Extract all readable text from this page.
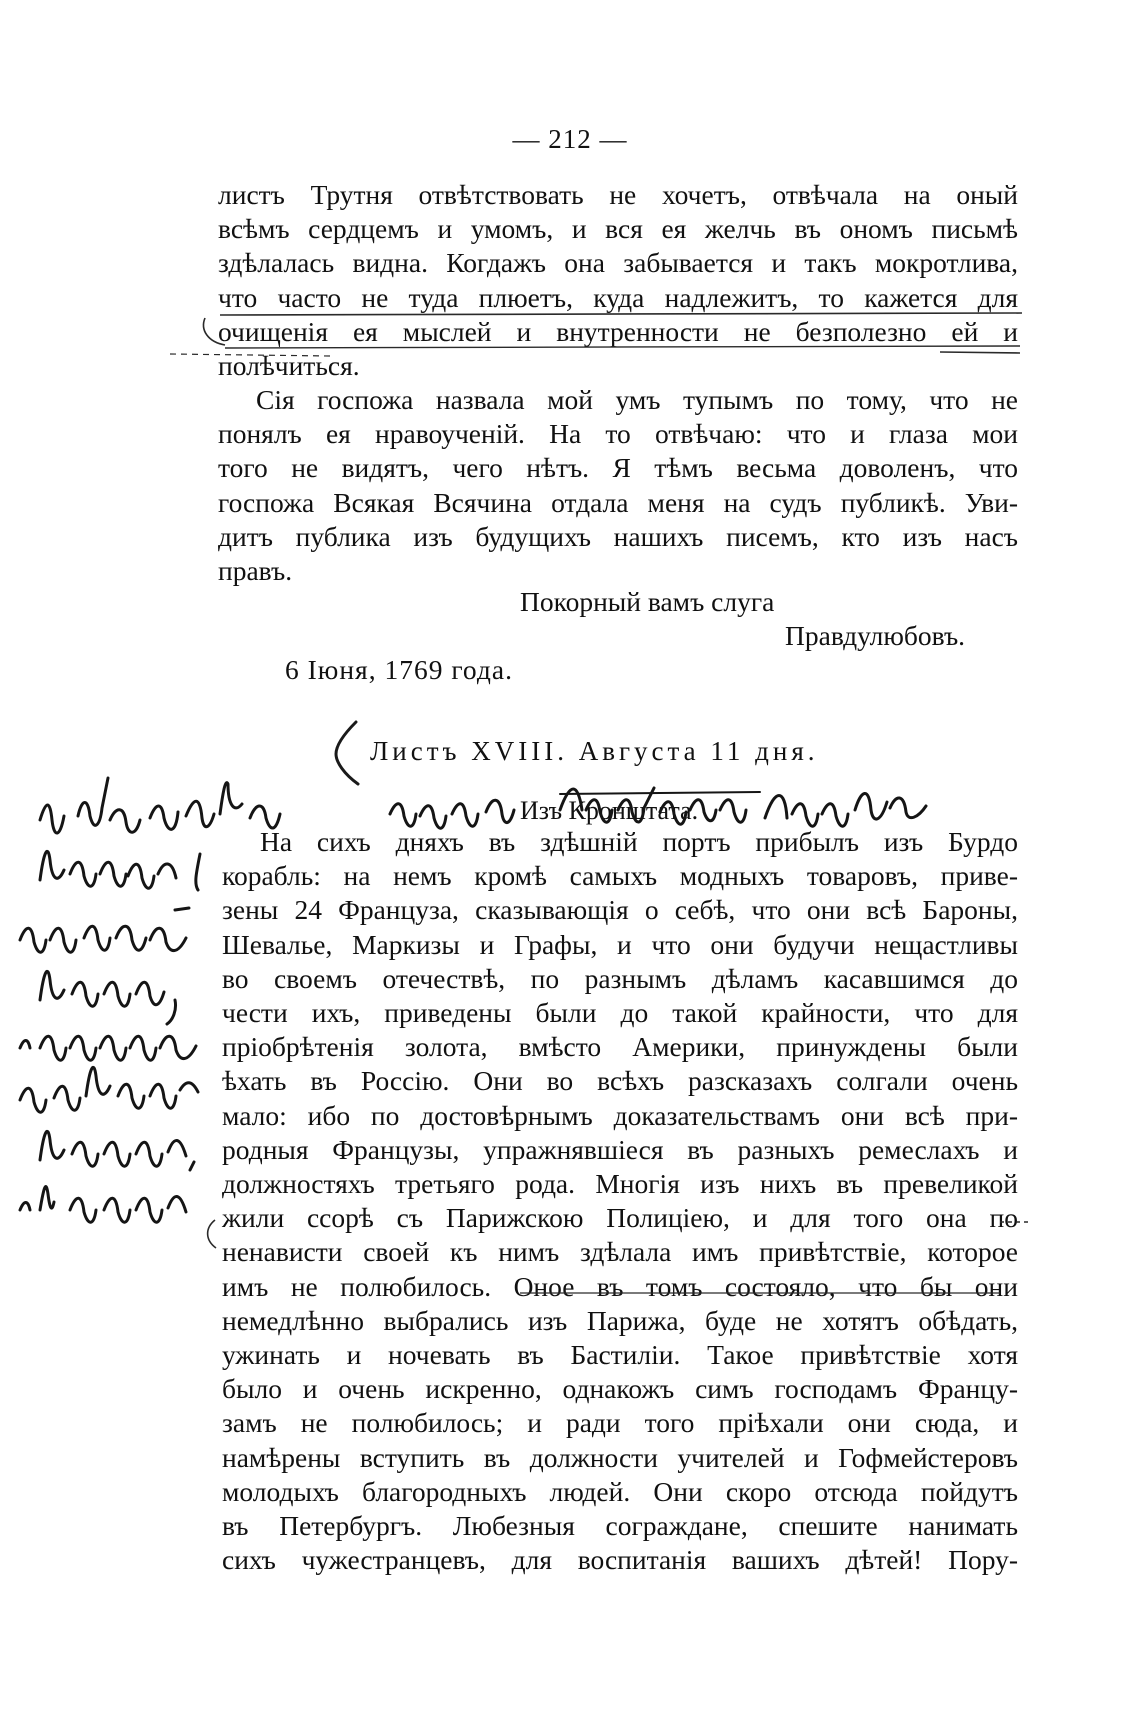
— 212 —
листъ Трутня отвѣтствовать не хочетъ, отвѣчала на оный
всѣмъ сердцемъ и умомъ, и вся ея желчь въ ономъ письмѣ
здѣлалась видна. Когдажъ она забывается и такъ мокротлива,
что часто не туда плюетъ, куда надлежитъ, то кажется для
очищенія ея мыслей и внутренности не безполезно ей и
полѣчиться.
Сія госпожа назвала мой умъ тупымъ по тому, что не
понялъ ея нравоученій. На то отвѣчаю: что и глаза мои
того не видятъ, чего нѣтъ. Я тѣмъ весьма доволенъ, что
госпожа Всякая Всячина отдала меня на судъ публикѣ. Уви-
дитъ публика изъ будущихъ нашихъ писемъ, кто изъ насъ
правъ.
Покорный вамъ слуга
Правдулюбовъ.
6 Іюня, 1769 года.
Листъ XVIII. Августа 11 дня.
Изъ Кронштата.
На сихъ дняхъ въ здѣшній портъ прибылъ изъ Бурдо
корабль: на немъ кромѣ самыхъ модныхъ товаровъ, приве-
зены 24 Француза, сказывающія о себѣ, что они всѣ Бароны,
Шевалье, Маркизы и Графы, и что они будучи нещастливы
во своемъ отечествѣ, по разнымъ дѣламъ касавшимся до
чести ихъ, приведены были до такой крайности, что для
пріобрѣтенія золота, вмѣсто Америки, принуждены были
ѣхать въ Россію. Они во всѣхъ разсказахъ солгали очень
мало: ибо по достовѣрнымъ доказательствамъ они всѣ при-
родныя Французы, упражнявшіеся въ разныхъ ремеслахъ и
должностяхъ третьяго рода. Многія изъ нихъ въ превеликой
жили ссорѣ съ Парижскою Полиціею, и для того она по
ненависти своей къ нимъ здѣлала имъ привѣтствіе, которое
имъ не полюбилось. Оное въ томъ состояло, что бы они
немедлѣнно выбрались изъ Парижа, буде не хотятъ обѣдать,
ужинать и ночевать въ Бастиліи. Такое привѣтствіе хотя
было и очень искренно, однакожъ симъ господамъ Францу-
замъ не полюбилось; и ради того пріѣхали они сюда, и
намѣрены вступить въ должности учителей и Гофмейстеровъ
молодыхъ благородныхъ людей. Они скоро отсюда пойдутъ
въ Петербургъ. Любезныя сограждане, спешите нанимать
сихъ чужестранцевъ, для воспитанія вашихъ дѣтей! Пору-
